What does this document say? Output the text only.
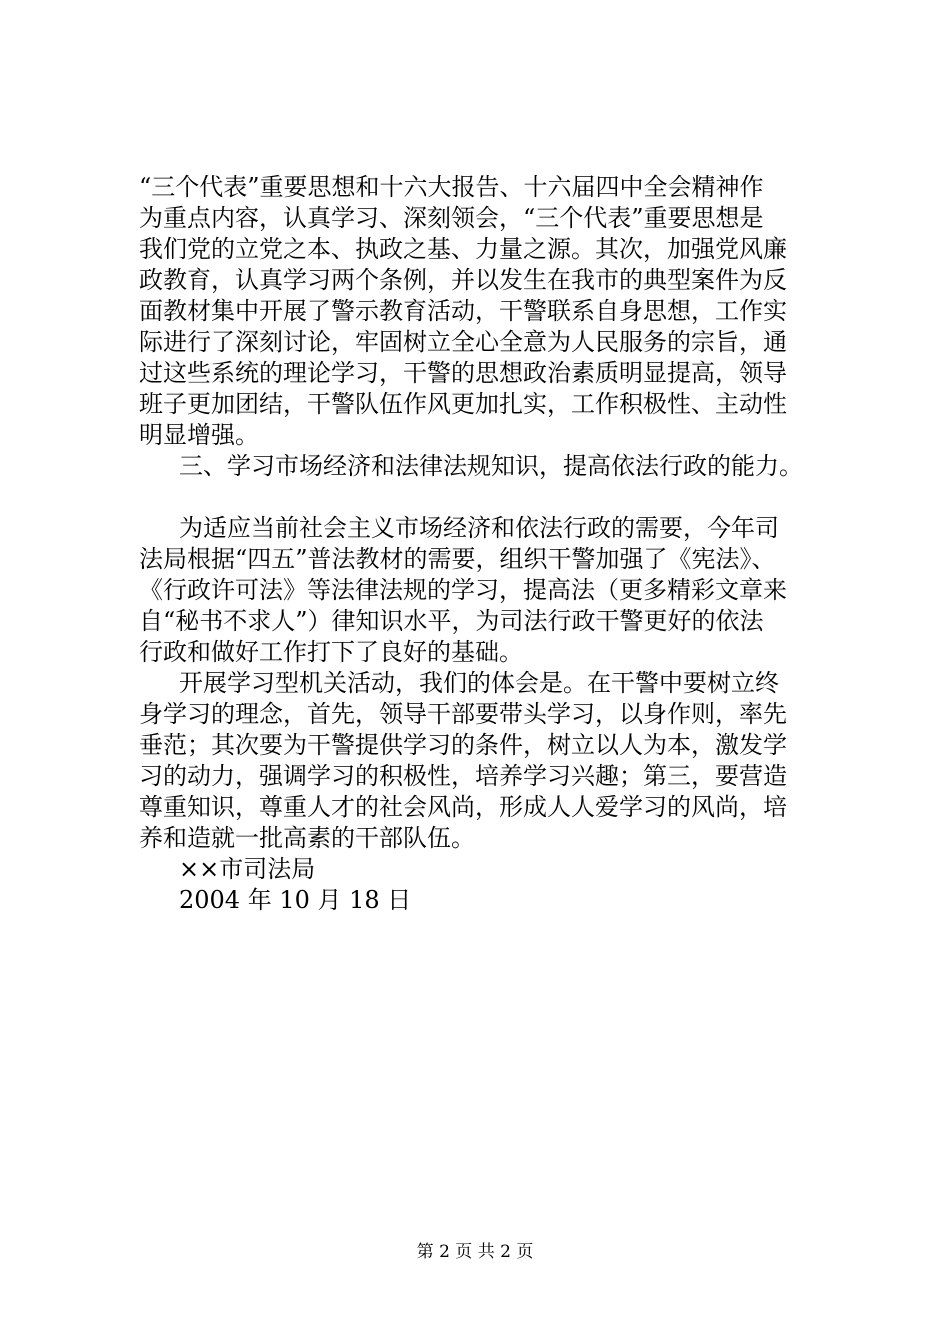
“三个代表”重要思想和十六大报告、十六届四中全会精神作
为重点内容，认真学习、深刻领会，“三个代表”重要思想是
我们党的立党之本、执政之基、力量之源。其次，加强党风廉
政教育，认真学习两个条例，并以发生在我市的典型案件为反
面教材集中开展了警示教育活动，干警联系自身思想，工作实
际进行了深刻讨论，牢固树立全心全意为人民服务的宗旨，通
过这些系统的理论学习，干警的思想政治素质明显提高，领导
班子更加团结，干警队伍作风更加扎实，工作积极性、主动性
明显增强。
三、学习市场经济和法律法规知识，提高依法行政的能力。
为适应当前社会主义市场经济和依法行政的需要，今年司
法局根据“四五”普法教材的需要，组织干警加强了《宪法》、
《行政许可法》等法律法规的学习，提高法（更多精彩文章来
自“秘书不求人”）律知识水平，为司法行政干警更好的依法
行政和做好工作打下了良好的基础。
开展学习型机关活动，我们的体会是。在干警中要树立终
身学习的理念，首先，领导干部要带头学习，以身作则，率先
垂范；其次要为干警提供学习的条件，树立以人为本，激发学
习的动力，强调学习的积极性，培养学习兴趣；第三，要营造
尊重知识，尊重人才的社会风尚，形成人人爱学习的风尚，培
养和造就一批高素的干部队伍。
××市司法局
2004 年 10 月 18 日
第 2 页 共 2 页
